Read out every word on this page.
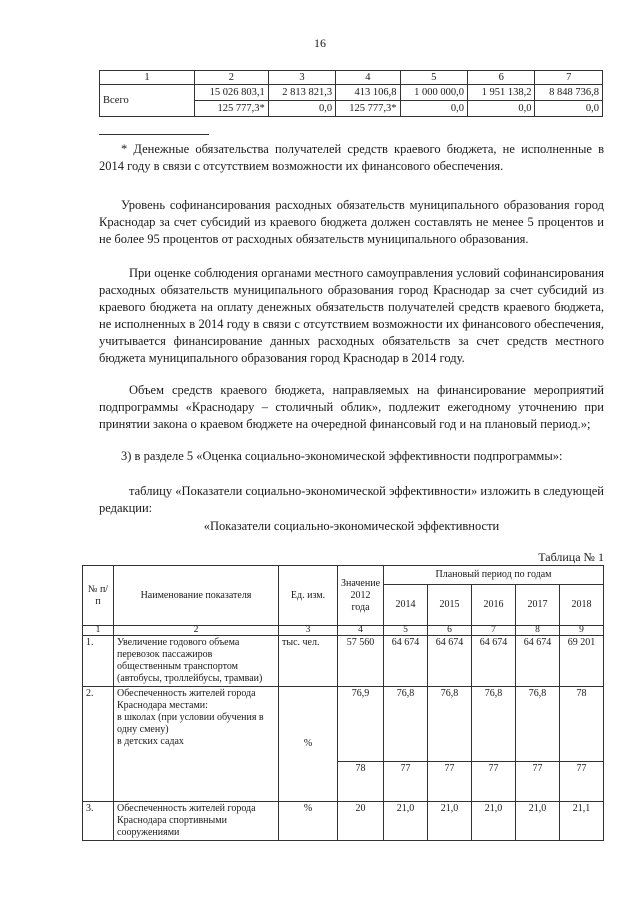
16
1	2	3	4	5	6	7
Всего	15 026 803,1	2 813 821,3	413 106,8	1 000 000,0	1 951 138,2	8 848 736,8
	125 777,3*	0,0	125 777,3*	0,0	0,0	0,0
* Денежные обязательства получателей средств краевого бюджета, не исполненные в 2014 году в связи с отсутствием возможности их финансового обеспечения.
Уровень софинансирования расходных обязательств муниципального образования город Краснодар за счет субсидий из краевого бюджета должен составлять не менее 5 процентов и не более 95 процентов от расходных обязательств муниципального образования.
При оценке соблюдения органами местного самоуправления условий софинансирования расходных обязательств муниципального образования город Краснодар за счет субсидий из краевого бюджета на оплату денежных обязательств получателей средств краевого бюджета, не исполненных в 2014 году в связи с отсутствием возможности их финансового обеспечения, учитывается финансирование данных расходных обязательств за счет средств местного бюджета муниципального образования город Краснодар в 2014 году.
Объем средств краевого бюджета, направляемых на финансирование мероприятий подпрограммы «Краснодару – столичный облик», подлежит ежегодному уточнению при принятии закона о краевом бюджете на очередной финансовый год и на плановый период.»;
3) в разделе 5 «Оценка социально-экономической эффективности подпрограммы»:
таблицу «Показатели социально-экономической эффективности» изложить в следующей редакции:
«Показатели социально-экономической эффективности
Таблица № 1
№ п/п	Наименование показателя	Ед. изм.	Значение 2012 года	Плановый период по годам				
				2014	2015	2016	2017	2018
1	2	3	4	5	6	7	8	9
1.	Увеличение годового объема перевозок пассажиров общественным транспортом (автобусы, троллейбусы, трамваи)	тыс. чел.	57 560	64 674	64 674	64 674	64 674	69 201
2.	Обеспеченность жителей города Краснодара местами:
в школах (при условии обучения в одну смену)
в детских садах	%	76,9	76,8	76,8	76,8	76,8	78
			78	77	77	77	77	77
3.	Обеспеченность жителей города Краснодара спортивными сооружениями	%	20	21,0	21,0	21,0	21,0	21,1
